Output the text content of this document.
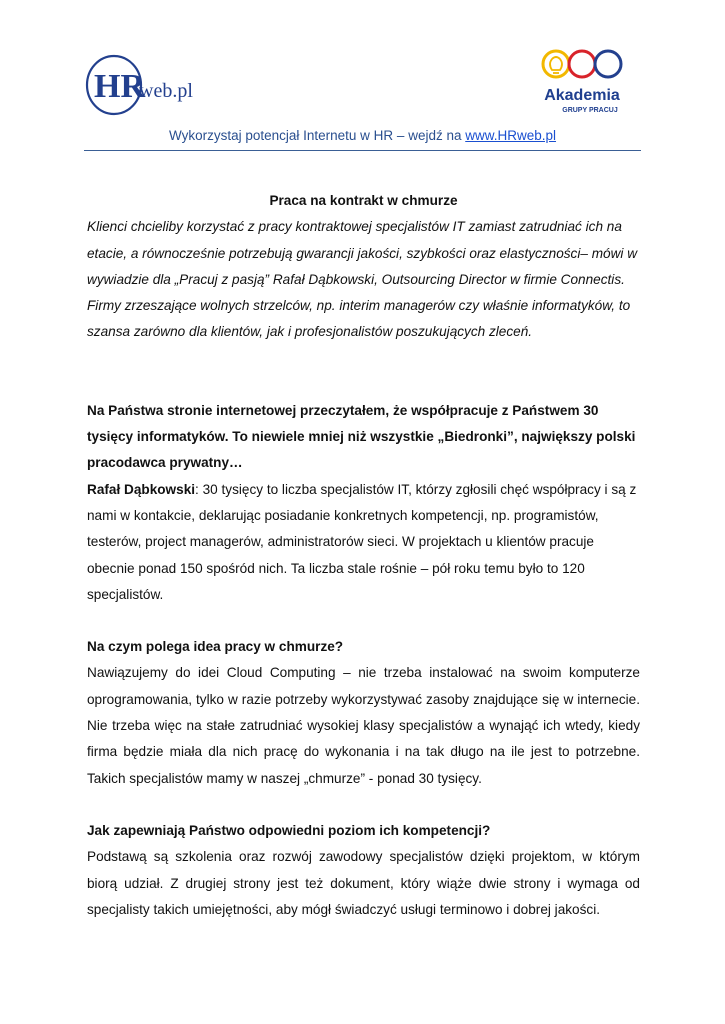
HR
web.pl	Akademia
GRUPY PRACUJ
Wykorzystaj potencjał Internetu w HR – wejdź na www.HRweb.pl

Praca na kontrakt w chmurze

Klienci chcieliby korzystać z pracy kontraktowej specjalistów IT zamiast zatrudniać ich na etacie, a równocześnie potrzebują gwarancji jakości, szybkości oraz elastyczności– mówi w wywiadzie dla „Pracuj z pasją” Rafał Dąbkowski, Outsourcing Director w firmie Connectis. Firmy zrzeszające wolnych strzelców, np. interim managerów czy właśnie informatyków, to szansa zarówno dla klientów, jak i profesjonalistów poszukujących zleceń.

Na Państwa stronie internetowej przeczytałem, że współpracuje z Państwem 30 tysięcy informatyków. To niewiele mniej niż wszystkie „Biedronki”, największy polski pracodawca prywatny…

Rafał Dąbkowski: 30 tysięcy to liczba specjalistów IT, którzy zgłosili chęć współpracy i są z nami w kontakcie, deklarując posiadanie konkretnych kompetencji, np. programistów, testerów, project managerów, administratorów sieci. W projektach u klientów pracuje obecnie ponad 150 spośród nich. Ta liczba stale rośnie – pół roku temu było to 120 specjalistów.

Na czym polega idea pracy w chmurze?

Nawiązujemy do idei Cloud Computing – nie trzeba instalować na swoim komputerze oprogramowania, tylko w razie potrzeby wykorzystywać zasoby znajdujące się w internecie. Nie trzeba więc na stałe zatrudniać wysokiej klasy specjalistów a wynająć ich wtedy, kiedy firma będzie miała dla nich pracę do wykonania i na tak długo na ile jest to potrzebne. Takich specjalistów mamy w naszej „chmurze” - ponad 30 tysięcy.

Jak zapewniają Państwo odpowiedni poziom ich kompetencji?

Podstawą są szkolenia oraz rozwój zawodowy specjalistów dzięki projektom, w którym biorą udział. Z drugiej strony jest też dokument, który wiąże dwie strony i wymaga od specjalisty takich umiejętności, aby mógł świadczyć usługi terminowo i dobrej jakości.
